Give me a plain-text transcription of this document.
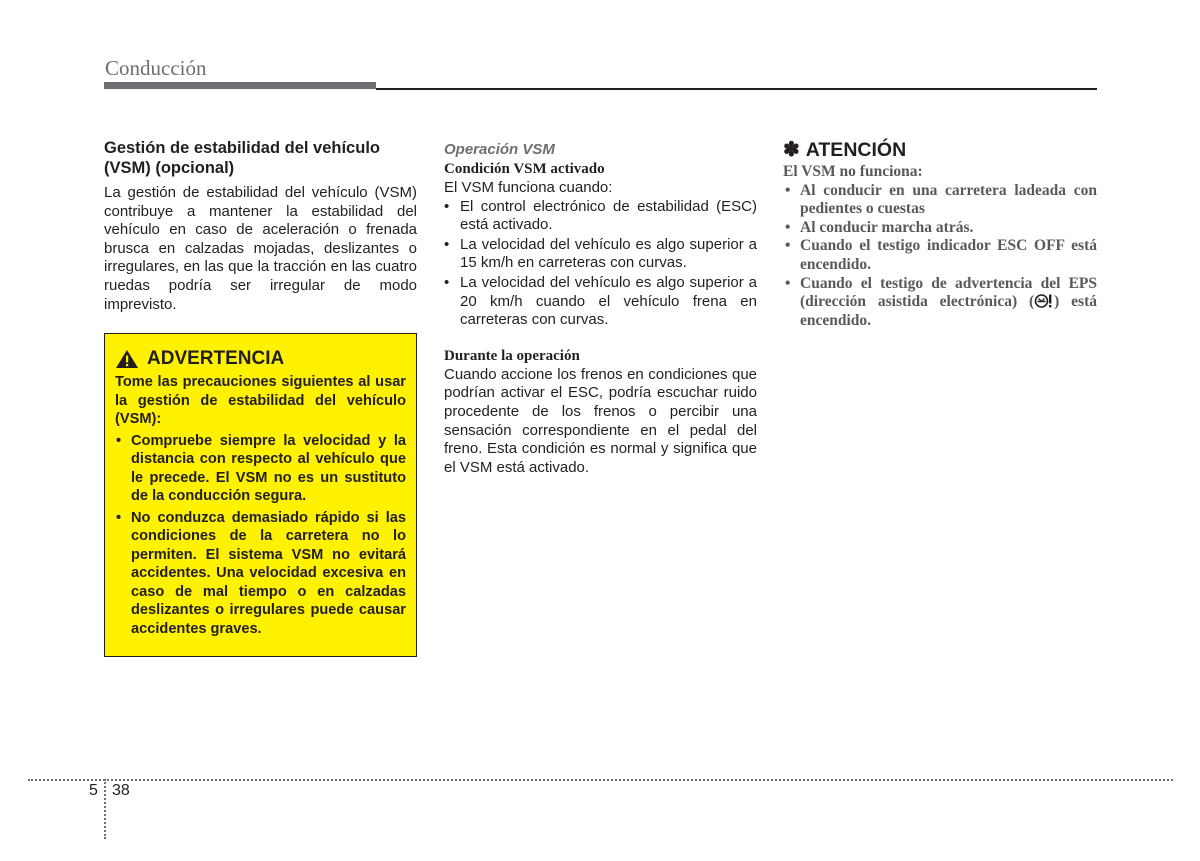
Conducción
Gestión de estabilidad del vehículo (VSM) (opcional)
La gestión de estabilidad del vehículo (VSM) contribuye a mantener la estabilidad del vehículo en caso de aceleración o frenada brusca en calzadas mojadas, deslizantes o irregulares, en las que la tracción en las cuatro ruedas podría ser irregular de modo imprevisto.
ADVERTENCIA
Tome las precauciones siguientes al usar la gestión de estabilidad del vehículo (VSM):
• Compruebe siempre la velocidad y la distancia con respecto al vehículo que le precede. El VSM no es un sustituto de la conducción segura.
• No conduzca demasiado rápido si las condiciones de la carretera no lo permiten. El sistema VSM no evitará accidentes. Una velocidad excesiva en caso de mal tiempo o en calzadas deslizantes o irregulares puede causar accidentes graves.
Operación VSM
Condición VSM activado
El VSM funciona cuando:
• El control electrónico de estabilidad (ESC) está activado.
• La velocidad del vehículo es algo superior a 15 km/h en carreteras con curvas.
• La velocidad del vehículo es algo superior a 20 km/h cuando el vehículo frena en carreteras con curvas.
Durante la operación
Cuando accione los frenos en condiciones que podrían activar el ESC, podría escuchar ruido procedente de los frenos o percibir una sensación correspondiente en el pedal del freno. Esta condición es normal y significa que el VSM está activado.
✽ ATENCIÓN
El VSM no funciona:
• Al conducir en una carretera ladeada con pedientes o cuestas
• Al conducir marcha atrás.
• Cuando el testigo indicador ESC OFF está encendido.
• Cuando el testigo de advertencia del EPS (dirección asistida electrónica) ( ) está encendido.
5 38
